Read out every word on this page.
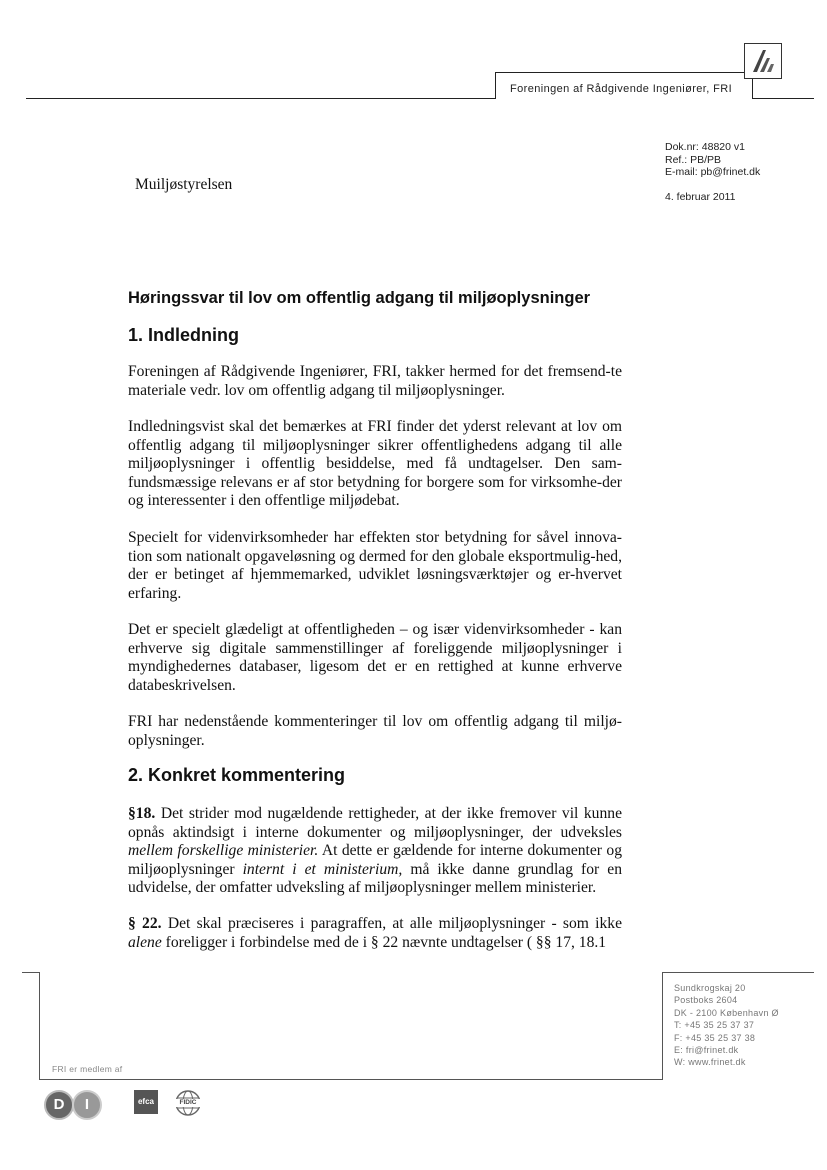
Foreningen af Rådgivende Ingeniører, FRI
Muiljøstyrelsen
Dok.nr: 48820 v1
Ref.: PB/PB
E-mail: pb@frinet.dk
4. februar 2011
Høringssvar til lov om offentlig adgang til miljøoplysninger
1. Indledning

Foreningen af Rådgivende Ingeniører, FRI, takker hermed for det fremsend-te materiale vedr. lov om offentlig adgang til miljøoplysninger.

Indledningsvist skal det bemærkes at FRI finder det yderst relevant at lov om offentlig adgang til miljøoplysninger sikrer offentlighedens adgang til alle miljøoplysninger i offentlig besiddelse, med få undtagelser. Den sam-fundsmæssige relevans er af stor betydning for borgere som for virksomhe-der og interessenter i den offentlige miljødebat.

Specielt for videnvirksomheder har effekten stor betydning for såvel innova-tion som nationalt opgaveløsning og dermed for den globale eksportmulig-hed, der er betinget af hjemmemarked, udviklet løsningsværktøjer og er-hvervet erfaring.

Det er specielt glædeligt at offentligheden – og især videnvirksomheder - kan erhverve sig digitale sammenstillinger af foreliggende miljøoplysninger i myndighedernes databaser, ligesom det er en rettighed at kunne erhverve databeskrivelsen.

FRI har nedenstående kommenteringer til lov om offentlig adgang til miljø-oplysninger.

2. Konkret kommentering

§18. Det strider mod nugældende rettigheder, at der ikke fremover vil kunne opnås aktindsigt i interne dokumenter og miljøoplysninger, der udveksles mellem forskellige ministerier. At dette er gældende for interne dokumenter og miljøoplysninger internt i et ministerium, må ikke danne grundlag for en udvidelse, der omfatter udveksling af miljøoplysninger mellem ministerier.

§ 22. Det skal præciseres i paragraffen, at alle miljøoplysninger - som ikke alene foreligger i forbindelse med de i § 22 nævnte undtagelser ( §§ 17, 18.1

Sundkrogskaj 20
Postboks 2604
DK - 2100 København Ø
T: +45 35 25 37 37
F: +45 35 25 37 38
E: fri@frinet.dk
W: www.frinet.dk
FRI er medlem af
D	I	efca	FIDIC
